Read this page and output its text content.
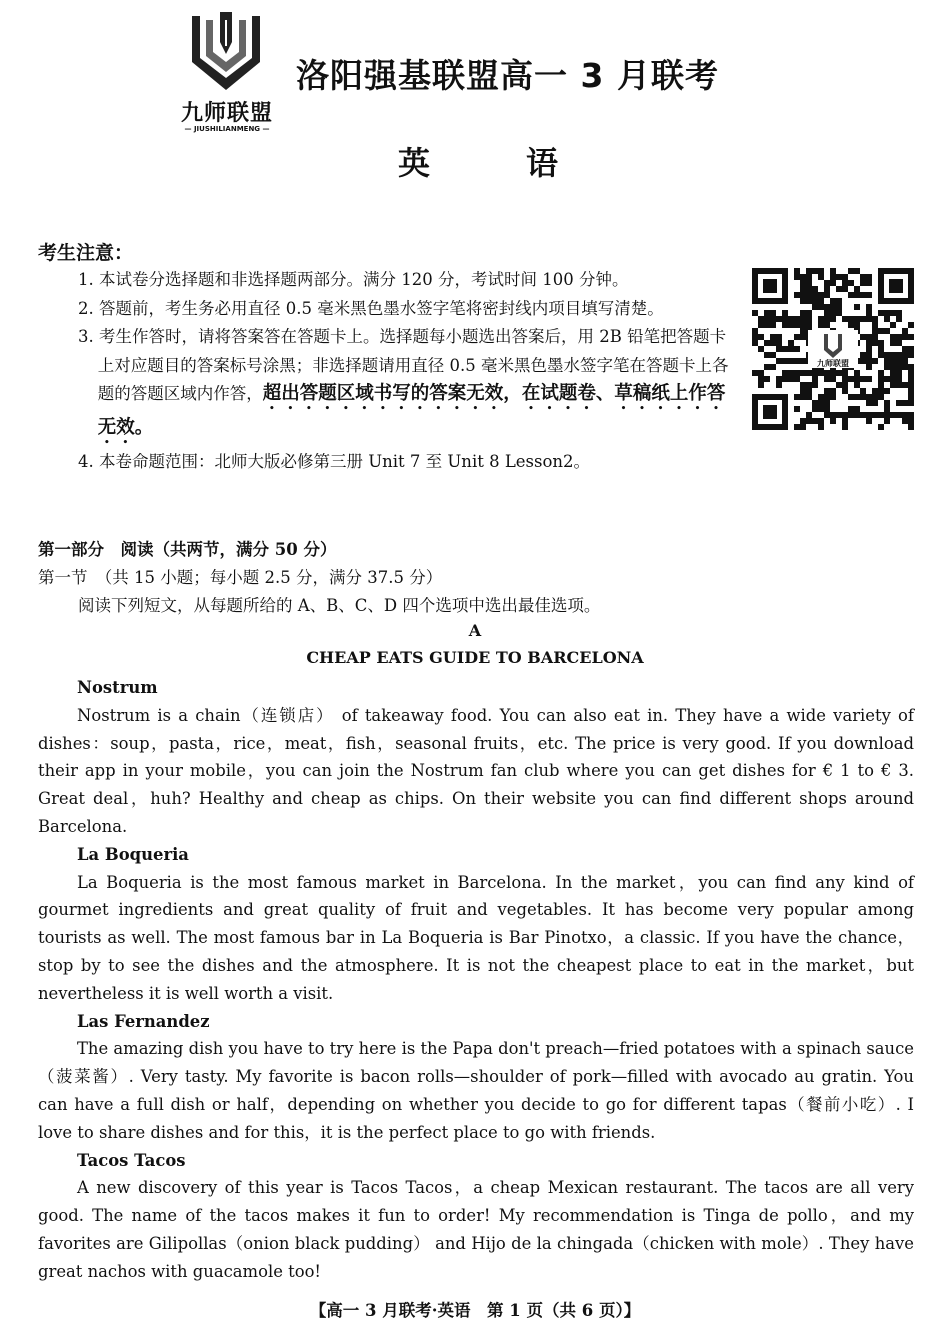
九师联盟
— JIUSHILIANMENG —
洛阳强基联盟高一 3 月联考
英	语
考生注意：

1. 本试卷分选择题和非选择题两部分。满分 120 分，考试时间 100 分钟。

2. 答题前，考生务必用直径 0.5 毫米黑色墨水签字笔将密封线内项目填写清楚。

3. 考生作答时，请将答案答在答题卡上。选择题每小题选出答案后，用 2B 铅笔把答题卡上对应题目的答案标号涂黑；非选择题请用直径 0.5 毫米黑色墨水签字笔在答题卡上各题的答题区域内作答，超出答题区域书写的答案无效，在试题卷、草稿纸上作答无效。

4. 本卷命题范围：北师大版必修第三册 Unit 7 至 Unit 8 Lesson2。

九师联盟
第一部分　阅读（共两节，满分 50 分）
第一节　（共 15 小题；每小题 2.5 分，满分 37.5 分）
阅读下列短文，从每题所给的 A、B、C、D 四个选项中选出最佳选项。
A
CHEAP EATS GUIDE TO BARCELONA
Nostrum

Nostrum is a chain（连锁店） of takeaway food. You can also eat in. They have a wide variety of dishes：soup，pasta，rice，meat，fish，seasonal fruits，etc. The price is very good. If you download their app in your mobile，you can join the Nostrum fan club where you can get dishes for € 1 to € 3. Great deal，huh? Healthy and cheap as chips. On their website you can find different shops around Barcelona.

La Boqueria

La Boqueria is the most famous market in Barcelona. In the market，you can find any kind of gourmet ingredients and great quality of fruit and vegetables. It has become very popular among tourists as well. The most famous bar in La Boqueria is Bar Pinotxo，a classic. If you have the chance，stop by to see the dishes and the atmosphere. It is not the cheapest place to eat in the market，but nevertheless it is well worth a visit.

Las Fernandez

The amazing dish you have to try here is the Papa don't preach—fried potatoes with a spinach sauce（菠菜酱）. Very tasty. My favorite is bacon rolls—shoulder of pork—filled with avocado au gratin. You can have a full dish or half，depending on whether you decide to go for different tapas（餐前小吃）. I love to share dishes and for this，it is the perfect place to go with friends.

Tacos Tacos

A new discovery of this year is Tacos Tacos，a cheap Mexican restaurant. The tacos are all very good. The name of the tacos makes it fun to order! My recommendation is Tinga de pollo，and my favorites are Gilipollas（onion black pudding） and Hijo de la chingada（chicken with mole）. They have great nachos with guacamole too!

【高一 3 月联考·英语　第 1 页（共 6 页）】
